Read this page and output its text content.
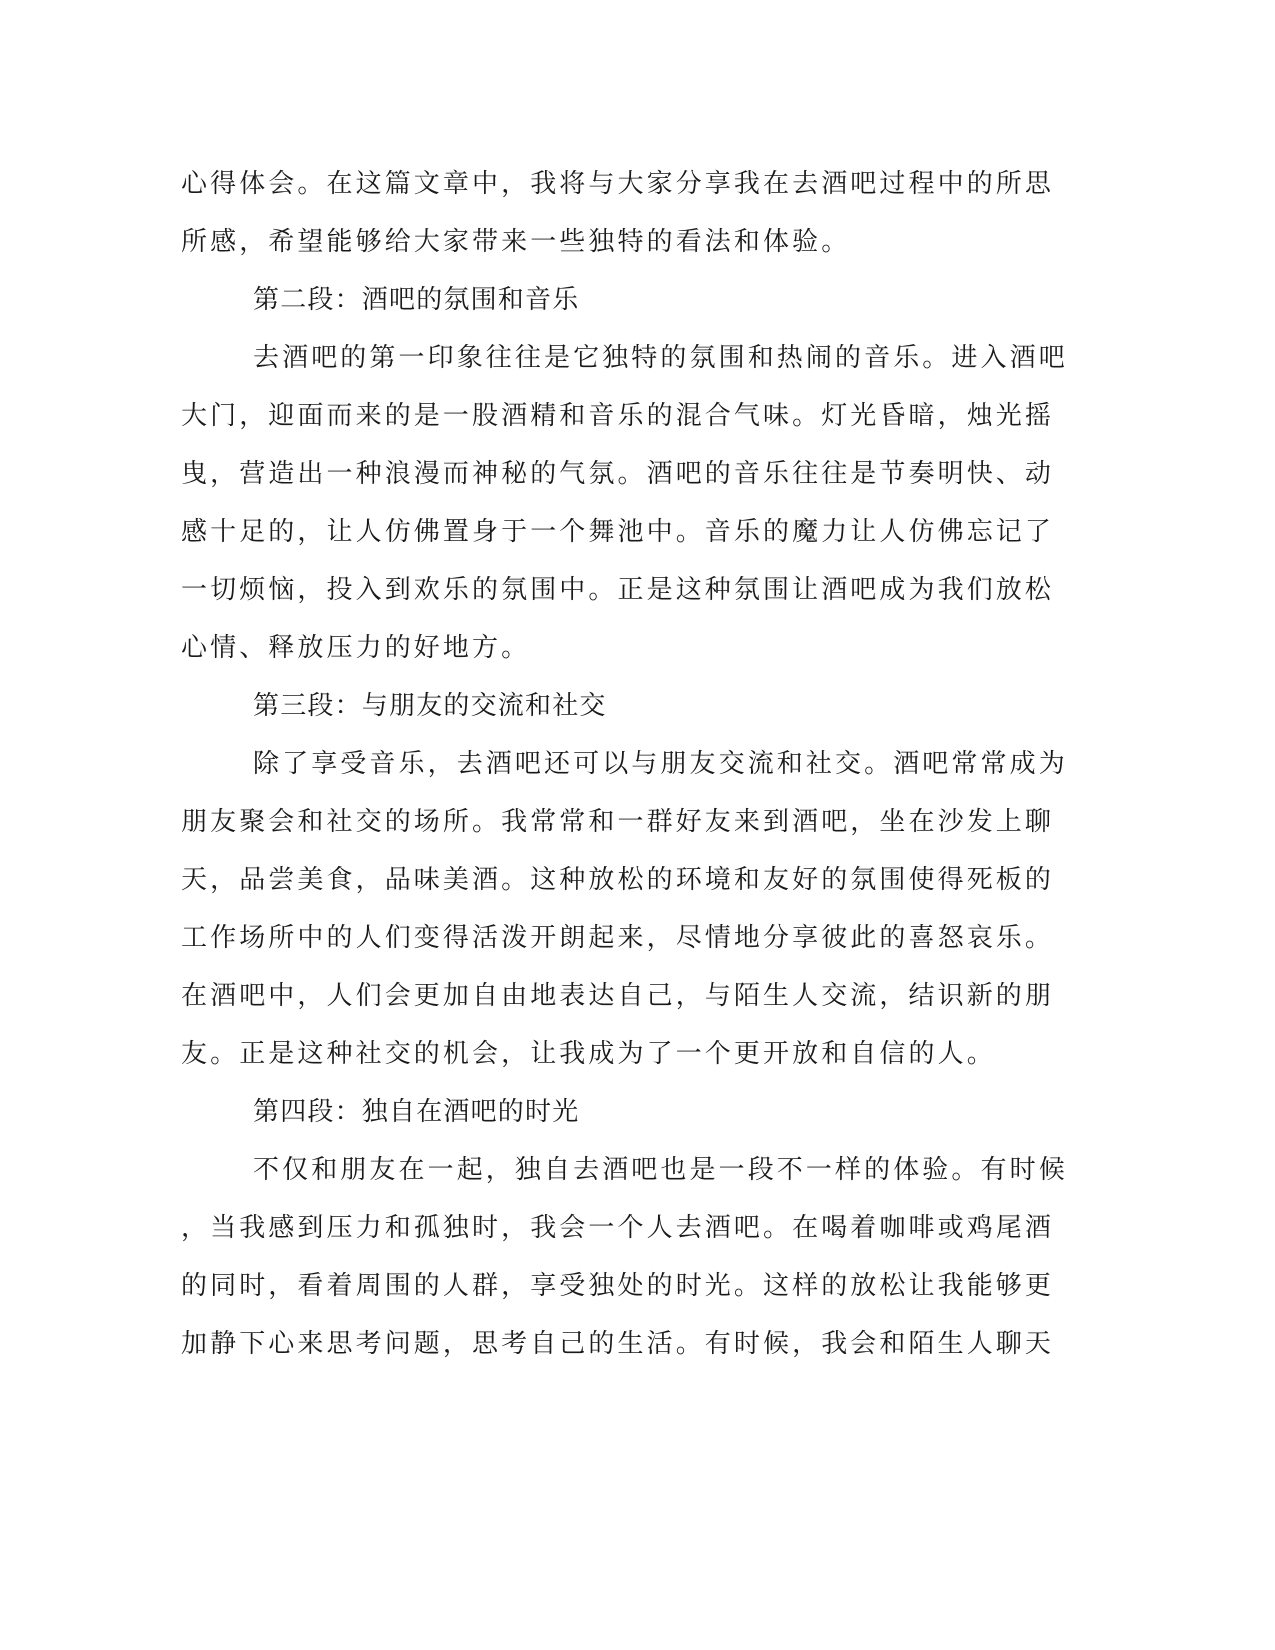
心得体会。在这篇文章中，我将与大家分享我在去酒吧过程中的所思
所感，希望能够给大家带来一些独特的看法和体验。
第二段：酒吧的氛围和音乐
去酒吧的第一印象往往是它独特的氛围和热闹的音乐。进入酒吧
大门，迎面而来的是一股酒精和音乐的混合气味。灯光昏暗，烛光摇
曳，营造出一种浪漫而神秘的气氛。酒吧的音乐往往是节奏明快、动
感十足的，让人仿佛置身于一个舞池中。音乐的魔力让人仿佛忘记了
一切烦恼，投入到欢乐的氛围中。正是这种氛围让酒吧成为我们放松
心情、释放压力的好地方。
第三段：与朋友的交流和社交
除了享受音乐，去酒吧还可以与朋友交流和社交。酒吧常常成为
朋友聚会和社交的场所。我常常和一群好友来到酒吧，坐在沙发上聊
天，品尝美食，品味美酒。这种放松的环境和友好的氛围使得死板的
工作场所中的人们变得活泼开朗起来，尽情地分享彼此的喜怒哀乐。
在酒吧中，人们会更加自由地表达自己，与陌生人交流，结识新的朋
友。正是这种社交的机会，让我成为了一个更开放和自信的人。
第四段：独自在酒吧的时光
不仅和朋友在一起，独自去酒吧也是一段不一样的体验。有时候
，当我感到压力和孤独时，我会一个人去酒吧。在喝着咖啡或鸡尾酒
的同时，看着周围的人群，享受独处的时光。这样的放松让我能够更
加静下心来思考问题，思考自己的生活。有时候，我会和陌生人聊天
